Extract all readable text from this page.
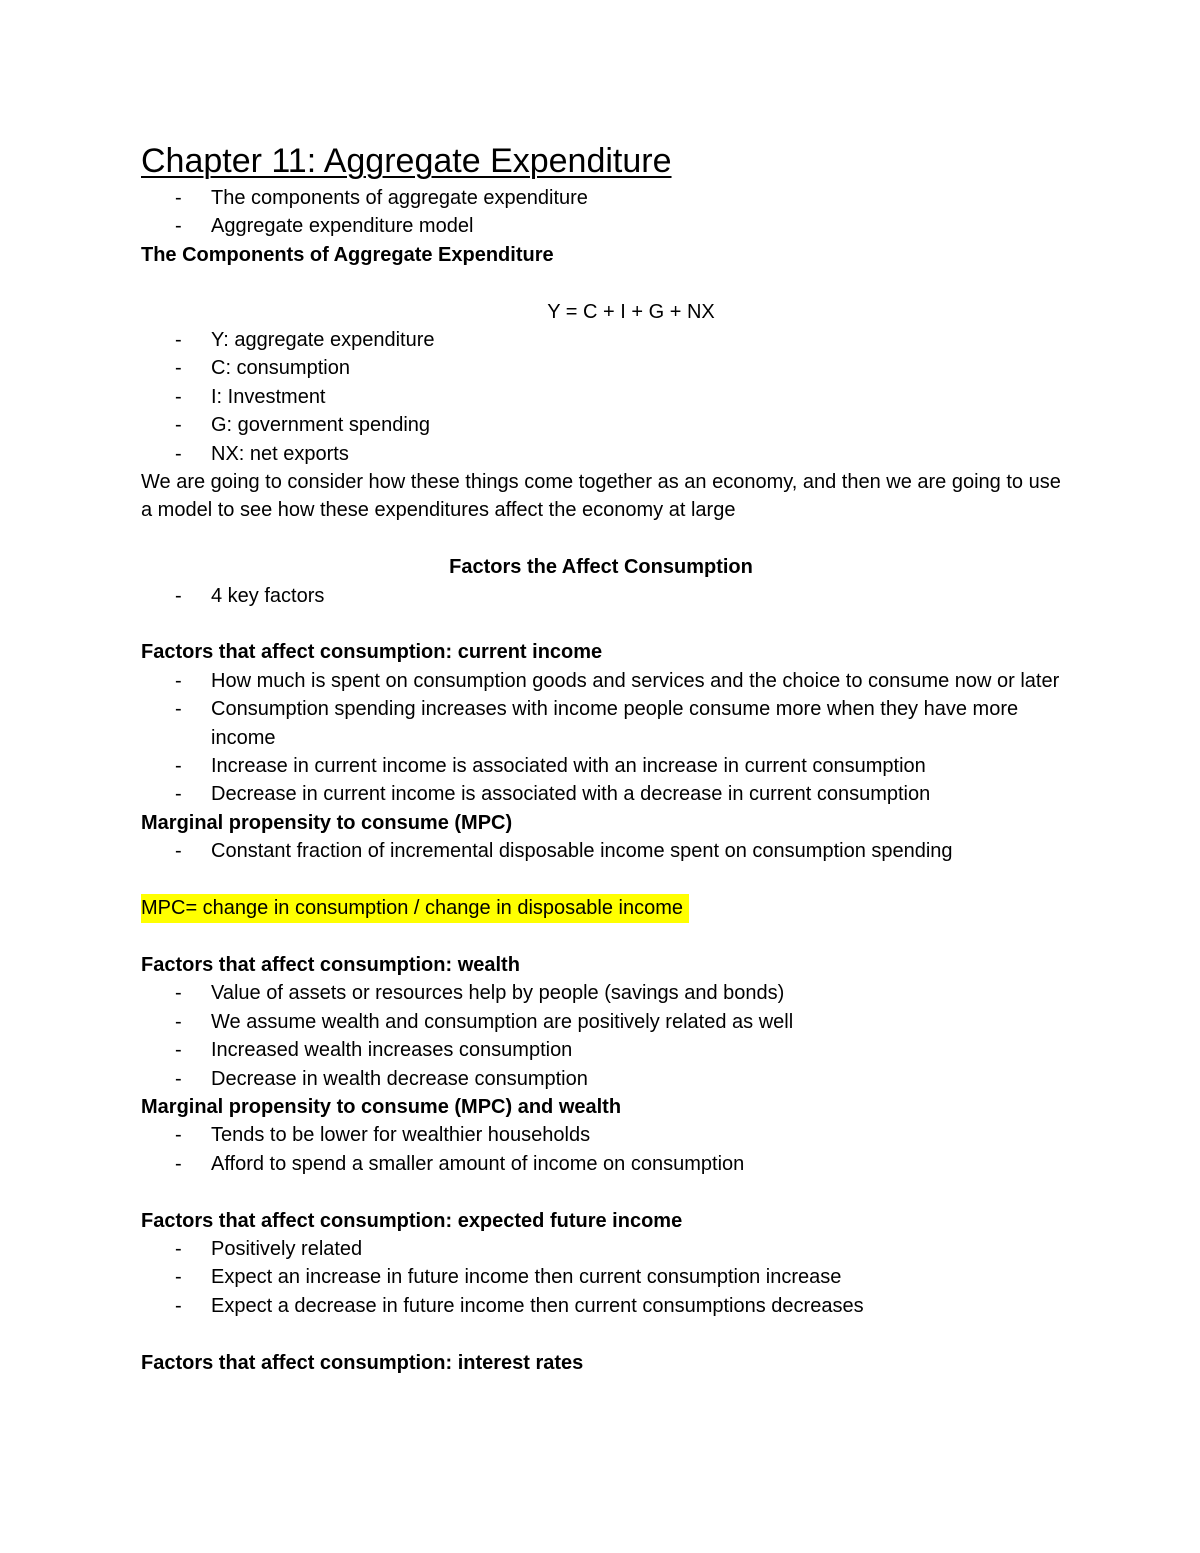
Chapter 11: Aggregate Expenditure
- The components of aggregate expenditure
- Aggregate expenditure model
The Components of Aggregate Expenditure
Y = C + I + G + NX
- Y: aggregate expenditure
- C: consumption
- I: Investment
- G: government spending
- NX: net exports
We are going to consider how these things come together as an economy, and then we are going to use a model to see how these expenditures affect the economy at large
Factors the Affect Consumption
- 4 key factors
Factors that affect consumption: current income
- How much is spent on consumption goods and services and the choice to consume now or later
- Consumption spending increases with income people consume more when they have more income
- Increase in current income is associated with an increase in current consumption
- Decrease in current income is associated with a decrease in current consumption
Marginal propensity to consume (MPC)
- Constant fraction of incremental disposable income spent on consumption spending
MPC= change in consumption / change in disposable income
Factors that affect consumption: wealth
- Value of assets or resources help by people (savings and bonds)
- We assume wealth and consumption are positively related as well
- Increased wealth increases consumption
- Decrease in wealth decrease consumption
Marginal propensity to consume (MPC) and wealth
- Tends to be lower for wealthier households
- Afford to spend a smaller amount of income on consumption
Factors that affect consumption: expected future income
- Positively related
- Expect an increase in future income then current consumption increase
- Expect a decrease in future income then current consumptions decreases
Factors that affect consumption: interest rates
